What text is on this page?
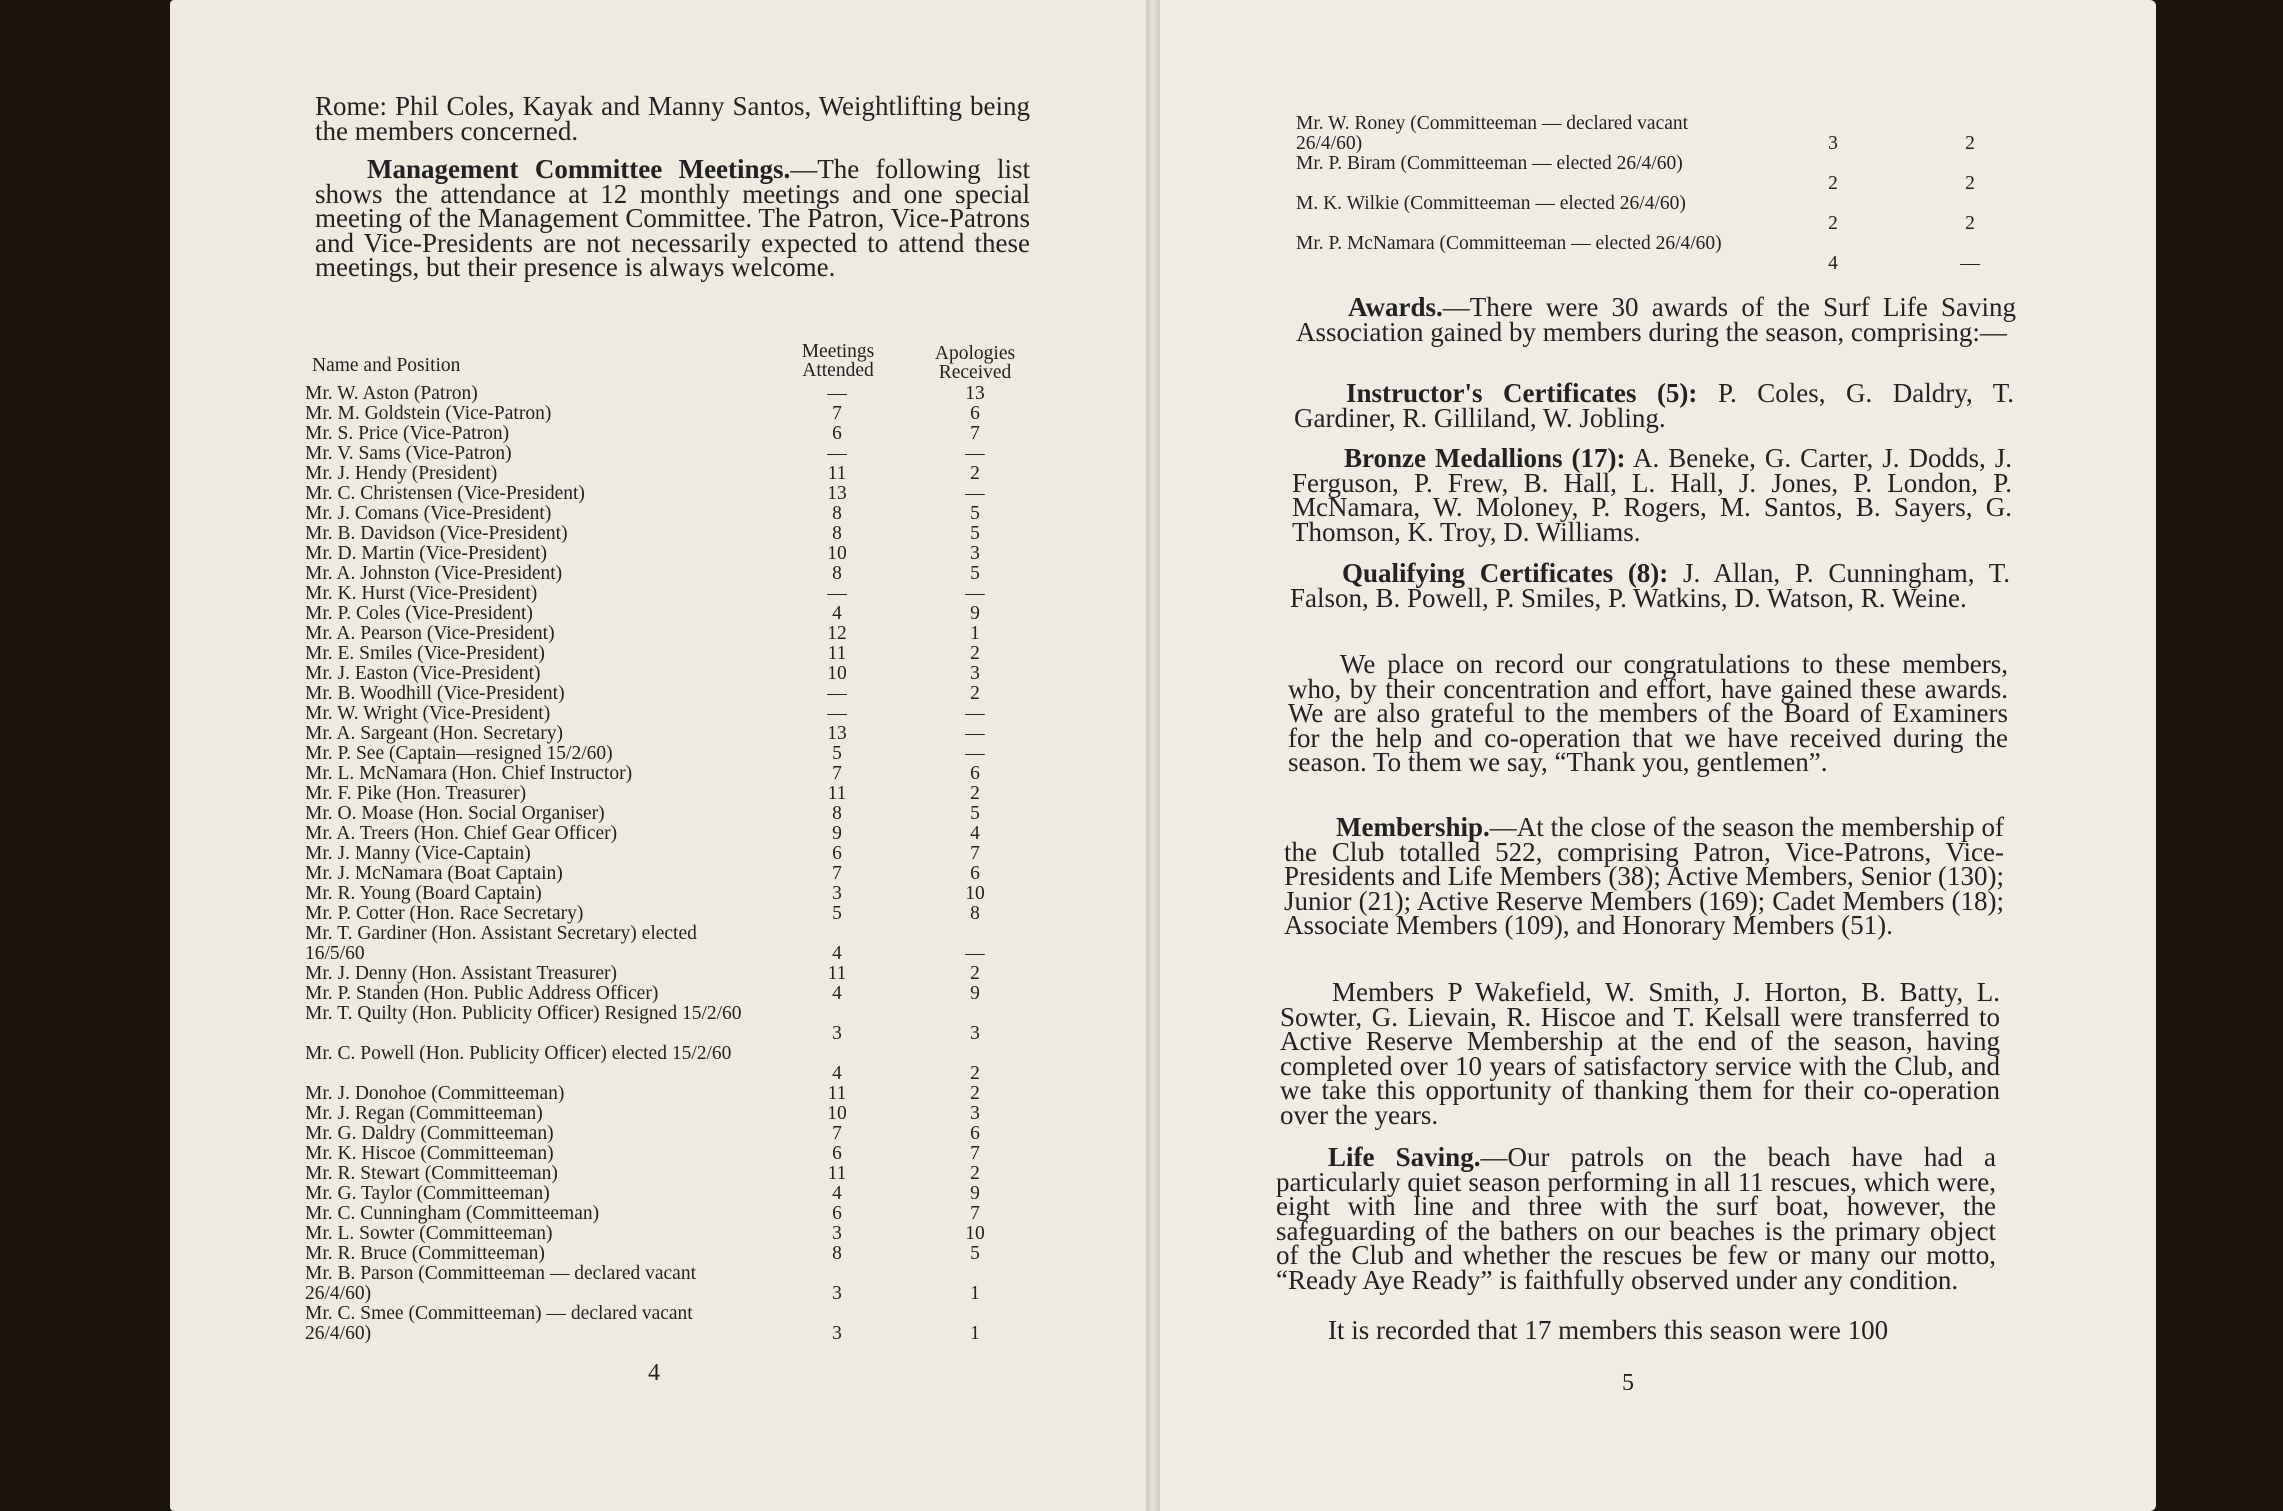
Rome: Phil Coles, Kayak and Manny Santos, Weightlifting being the members concerned.
Management Committee Meetings.—The following list shows the attendance at 12 monthly meetings and one special meeting of the Management Committee. The Patron, Vice-Patrons and Vice-Presidents are not necessarily expected to attend these meetings, but their presence is always welcome.
Name and Position
Meetings Attended
Apologies Received
Mr. W. Aston (Patron)	—	13
Mr. M. Goldstein (Vice-Patron)	7	6
Mr. S. Price (Vice-Patron)	6	7
Mr. V. Sams (Vice-Patron)	—	—
Mr. J. Hendy (President)	11	2
Mr. C. Christensen (Vice-President)	13	—
Mr. J. Comans (Vice-President)	8	5
Mr. B. Davidson (Vice-President)	8	5
Mr. D. Martin (Vice-President)	10	3
Mr. A. Johnston (Vice-President)	8	5
Mr. K. Hurst (Vice-President)	—	—
Mr. P. Coles (Vice-President)	4	9
Mr. A. Pearson (Vice-President)	12	1
Mr. E. Smiles (Vice-President)	11	2
Mr. J. Easton (Vice-President)	10	3
Mr. B. Woodhill (Vice-President)	—	2
Mr. W. Wright (Vice-President)	—	—
Mr. A. Sargeant (Hon. Secretary)	13	—
Mr. P. See (Captain—resigned 15/2/60)	5	—
Mr. L. McNamara (Hon. Chief Instructor)	7	6
Mr. F. Pike (Hon. Treasurer)	11	2
Mr. O. Moase (Hon. Social Organiser)	8	5
Mr. A. Treers (Hon. Chief Gear Officer)	9	4
Mr. J. Manny (Vice-Captain)	6	7
Mr. J. McNamara (Boat Captain)	7	6
Mr. R. Young (Board Captain)	3	10
Mr. P. Cotter (Hon. Race Secretary)	5	8
Mr. T. Gardiner (Hon. Assistant Secretary) elected 16/5/60	4	—
Mr. J. Denny (Hon. Assistant Treasurer)	11	2
Mr. P. Standen (Hon. Public Address Officer)	4	9
Mr. T. Quilty (Hon. Publicity Officer) Resigned 15/2/60
3	3
Mr. C. Powell (Hon. Publicity Officer) elected 15/2/60
4	2
Mr. J. Donohoe (Committeeman)	11	2
Mr. J. Regan (Committeeman)	10	3
Mr. G. Daldry (Committeeman)	7	6
Mr. K. Hiscoe (Committeeman)	6	7
Mr. R. Stewart (Committeeman)	11	2
Mr. G. Taylor (Committeeman)	4	9
Mr. C. Cunningham (Committeeman)	6	7
Mr. L. Sowter (Committeeman)	3	10
Mr. R. Bruce (Committeeman)	8	5
Mr. B. Parson (Committeeman — declared vacant 26/4/60)	3	1
Mr. C. Smee (Committeeman) — declared vacant 26/4/60)	3	1
4
Mr. W. Roney (Committeeman — declared vacant 26/4/60)	3	2
Mr. P. Biram (Committeeman — elected 26/4/60)
2	2
M. K. Wilkie (Committeeman — elected 26/4/60)
2	2
Mr. P. McNamara (Committeeman — elected 26/4/60)
4	—
Awards.—There were 30 awards of the Surf Life Saving Association gained by members during the season, comprising:—
Instructor's Certificates (5): P. Coles, G. Daldry, T. Gardiner, R. Gilliland, W. Jobling.
Bronze Medallions (17): A. Beneke, G. Carter, J. Dodds, J. Ferguson, P. Frew, B. Hall, L. Hall, J. Jones, P. London, P. McNamara, W. Moloney, P. Rogers, M. Santos, B. Sayers, G. Thomson, K. Troy, D. Williams.
Qualifying Certificates (8): J. Allan, P. Cunningham, T. Falson, B. Powell, P. Smiles, P. Watkins, D. Watson, R. Weine.
We place on record our congratulations to these members, who, by their concentration and effort, have gained these awards. We are also grateful to the members of the Board of Examiners for the help and co-operation that we have received during the season. To them we say, “Thank you, gentlemen”.
Membership.—At the close of the season the membership of the Club totalled 522, comprising Patron, Vice-Patrons, Vice-Presidents and Life Members (38); Active Members, Senior (130); Junior (21); Active Reserve Members (169); Cadet Members (18); Associate Members (109), and Honorary Members (51).
Members P Wakefield, W. Smith, J. Horton, B. Batty, L. Sowter, G. Lievain, R. Hiscoe and T. Kelsall were transferred to Active Reserve Membership at the end of the season, having completed over 10 years of satisfactory service with the Club, and we take this opportunity of thanking them for their co-operation over the years.
Life Saving.—Our patrols on the beach have had a particularly quiet season performing in all 11 rescues, which were, eight with line and three with the surf boat, however, the safeguarding of the bathers on our beaches is the primary object of the Club and whether the rescues be few or many our motto, “Ready Aye Ready” is faithfully observed under any condition.
It is recorded that 17 members this season were 100
5
